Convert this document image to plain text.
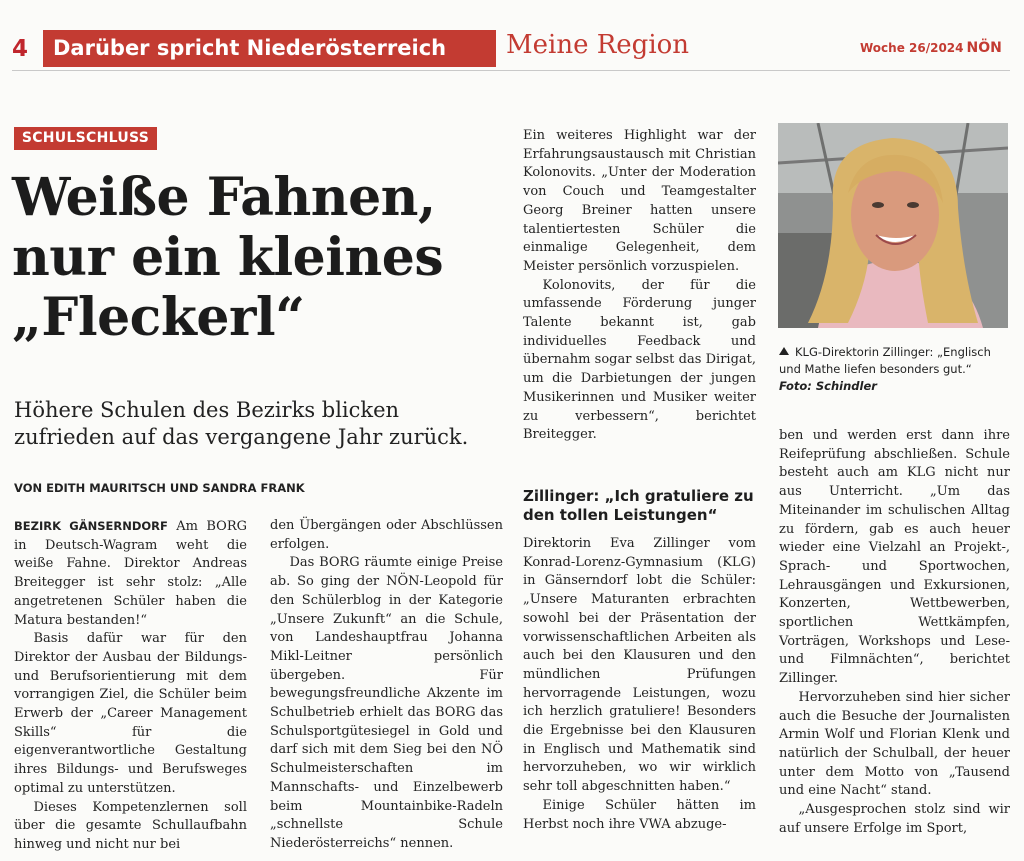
4	Darüber spricht Niederösterreich	Meine Region	Woche 26/2024 NÖN
SCHULSCHLUSS
Weiße Fahnen,
nur ein kleines
„Fleckerl“
Höhere Schulen des Bezirks blicken
zufrieden auf das vergangene Jahr zurück.
VON EDITH MAURITSCH UND SANDRA FRANK

BEZIRK GÄNSERNDORF Am BORG in Deutsch-Wagram weht die weiße Fahne. Direktor Andreas Breitegger ist sehr stolz: „Alle angetretenen Schüler haben die Matura bestanden!“

Basis dafür war für den Direktor der Ausbau der Bildungs- und Berufsorientierung mit dem vorrangigen Ziel, die Schüler beim Erwerb der „Career Management Skills“ für die eigenverantwortliche Gestaltung ihres Bildungs- und Berufsweges optimal zu unterstützen.

Dieses Kompetenzlernen soll über die gesamte Schullaufbahn hinweg und nicht nur bei

den Übergängen oder Abschlüssen erfolgen.

Das BORG räumte einige Preise ab. So ging der NÖN-Leopold für den Schülerblog in der Kategorie „Unsere Zukunft“ an die Schule, von Landeshauptfrau Johanna Mikl-Leitner persönlich übergeben. Für bewegungsfreundliche Akzente im Schulbetrieb erhielt das BORG das Schulsportgütesiegel in Gold und darf sich mit dem Sieg bei den NÖ Schulmeisterschaften im Mannschafts- und Einzelbewerb beim Mountainbike-Radeln „schnellste Schule Niederösterreichs“ nennen.

Ein weiteres Highlight war der Erfahrungsaustausch mit Christian Kolonovits. „Unter der Moderation von Couch und Teamgestalter Georg Breiner hatten unsere talentiertesten Schüler die einmalige Gelegenheit, dem Meister persönlich vorzuspielen.

Kolonovits, der für die umfassende Förderung junger Talente bekannt ist, gab individuelles Feedback und übernahm sogar selbst das Dirigat, um die Darbietungen der jungen Musikerinnen und Musiker weiter zu verbessern“, berichtet Breitegger.

Zillinger: „Ich gratuliere zu den tollen Leistungen“

Direktorin Eva Zillinger vom Konrad-Lorenz-Gymnasium (KLG) in Gänserndorf lobt die Schüler: „Unsere Maturanten erbrachten sowohl bei der Präsentation der vorwissenschaftlichen Arbeiten als auch bei den Klausuren und den mündlichen Prüfungen hervorragende Leistungen, wozu ich herzlich gratuliere! Besonders die Ergebnisse bei den Klausuren in Englisch und Mathematik sind hervorzuheben, wo wir wirklich sehr toll abgeschnitten haben.“

Einige Schüler hätten im Herbst noch ihre VWA abzuge-

ben und werden erst dann ihre Reifeprüfung abschließen. Schule besteht auch am KLG nicht nur aus Unterricht. „Um das Miteinander im schulischen Alltag zu fördern, gab es auch heuer wieder eine Vielzahl an Projekt-, Sprach- und Sportwochen, Lehrausgängen und Exkursionen, Konzerten, Wettbewerben, sportlichen Wettkämpfen, Vorträgen, Workshops und Lese- und Filmnächten“, berichtet Zillinger.

Hervorzuheben sind hier sicher auch die Besuche der Journalisten Armin Wolf und Florian Klenk und natürlich der Schulball, der heuer unter dem Motto von „Tausend und eine Nacht“ stand.

„Ausgesprochen stolz sind wir auf unsere Erfolge im Sport,

KLG-Direktorin Zillinger: „Englisch und Mathe liefen besonders gut.“
Foto: Schindler
